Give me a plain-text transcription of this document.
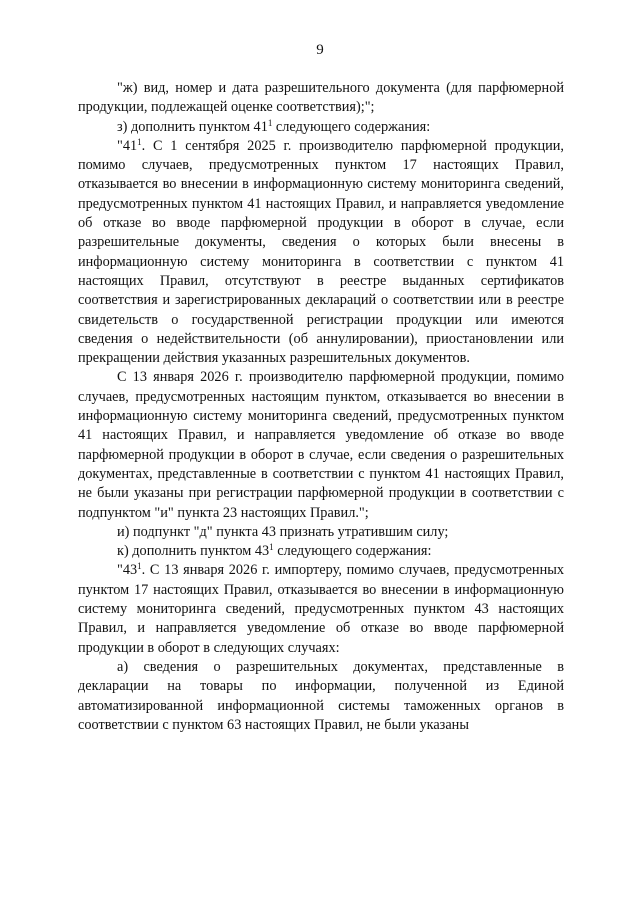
9

"ж) вид, номер и дата разрешительного документа (для парфюмерной продукции, подлежащей оценке соответствия);";

з) дополнить пунктом $41^1$ следующего содержания:

"$41^1$. С 1 сентября 2025 г. производителю парфюмерной продукции, помимо случаев, предусмотренных пунктом 17 настоящих Правил, отказывается во внесении в информационную систему мониторинга сведений, предусмотренных пунктом 41 настоящих Правил, и направляется уведомление об отказе во вводе парфюмерной продукции в оборот в случае, если разрешительные документы, сведения о которых были внесены в информационную систему мониторинга в соответствии с пунктом 41 настоящих Правил, отсутствуют в реестре выданных сертификатов соответствия и зарегистрированных деклараций о соответствии или в реестре свидетельств о государственной регистрации продукции или имеются сведения о недействительности (об аннулировании), приостановлении или прекращении действия указанных разрешительных документов.

С 13 января 2026 г. производителю парфюмерной продукции, помимо случаев, предусмотренных настоящим пунктом, отказывается во внесении в информационную систему мониторинга сведений, предусмотренных пунктом 41 настоящих Правил, и направляется уведомление об отказе во вводе парфюмерной продукции в оборот в случае, если сведения о разрешительных документах, представленные в соответствии с пунктом 41 настоящих Правил, не были указаны при регистрации парфюмерной продукции в соответствии с подпунктом "и" пункта 23 настоящих Правил.";

и) подпункт "д" пункта 43 признать утратившим силу;

к) дополнить пунктом $43^1$ следующего содержания:

"$43^1$. С 13 января 2026 г. импортеру, помимо случаев, предусмотренных пунктом 17 настоящих Правил, отказывается во внесении в информационную систему мониторинга сведений, предусмотренных пунктом 43 настоящих Правил, и направляется уведомление об отказе во вводе парфюмерной продукции в оборот в следующих случаях:

а) сведения о разрешительных документах, представленные в декларации на товары по информации, полученной из Единой автоматизированной информационной системы таможенных органов в соответствии с пунктом 63 настоящих Правил, не были указаны
